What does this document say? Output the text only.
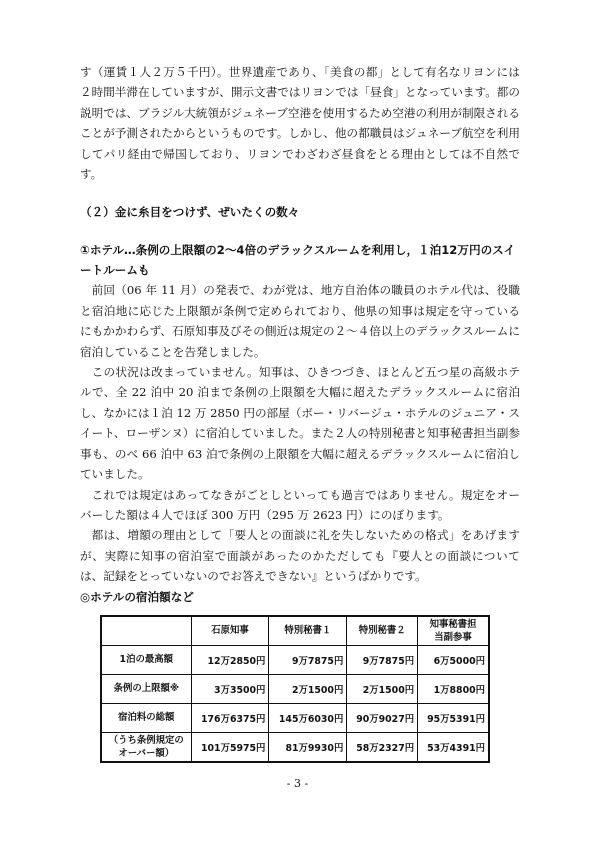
す（運賃１人２万５千円）。世界遺産であり、「美食の都」として有名なリヨンには２時間半滞在していますが、開示文書ではリヨンでは「昼食」となっています。都の説明では、ブラジル大統領がジュネーブ空港を使用するため空港の利用が制限されることが予測されたからというものです。しかし、他の都職員はジュネーブ航空を利用してパリ経由で帰国しており、リヨンでわざわざ昼食をとる理由としては不自然です。

（２）金に糸目をつけず、ぜいたくの数々

①ホテル…条例の上限額の2～4倍のデラックスルームを利用し，１泊12万円のスイートルームも

前回（06 年 11 月）の発表で、わが党は、地方自治体の職員のホテル代は、役職と宿泊地に応じた上限額が条例で定められており、他県の知事は規定を守っているにもかかわらず、石原知事及びその側近は規定の２～４倍以上のデラックスルームに宿泊していることを告発しました。

この状況は改まっていません。知事は、ひきつづき、ほとんど五つ星の高級ホテルで、全 22 泊中 20 泊まで条例の上限額を大幅に超えたデラックスルームに宿泊し、なかには１泊 12 万 2850 円の部屋（ボー・リバージュ・ホテルのジュニア・スイート、ローザンヌ）に宿泊していました。また２人の特別秘書と知事秘書担当副参事も、のべ 66 泊中 63 泊で条例の上限額を大幅に超えるデラックスルームに宿泊していました。

これでは規定はあってなきがごとしといっても過言ではありません。規定をオーバーした額は４人でほぼ 300 万円（295 万 2623 円）にのぼります。

都は、増額の理由として「要人との面談に礼を失しないための格式」をあげますが、実際に知事の宿泊室で面談があったのかただしても『要人との面談については、記録をとっていないのでお答えできない』というばかりです。

◎ホテルの宿泊額など

	石原知事	特別秘書１	特別秘書２	知事秘書担
当副参事
1泊の最高額	12万2850円	9万7875円	9万7875円	6万5000円
条例の上限額※	3万3500円	2万1500円	2万1500円	1万8800円
宿泊料の総額	176万6375円	145万6030円	90万9027円	95万5391円
（うち条例規定の
オーバー額）	101万5975円	81万9930円	58万2327円	53万4391円
- 3 -
